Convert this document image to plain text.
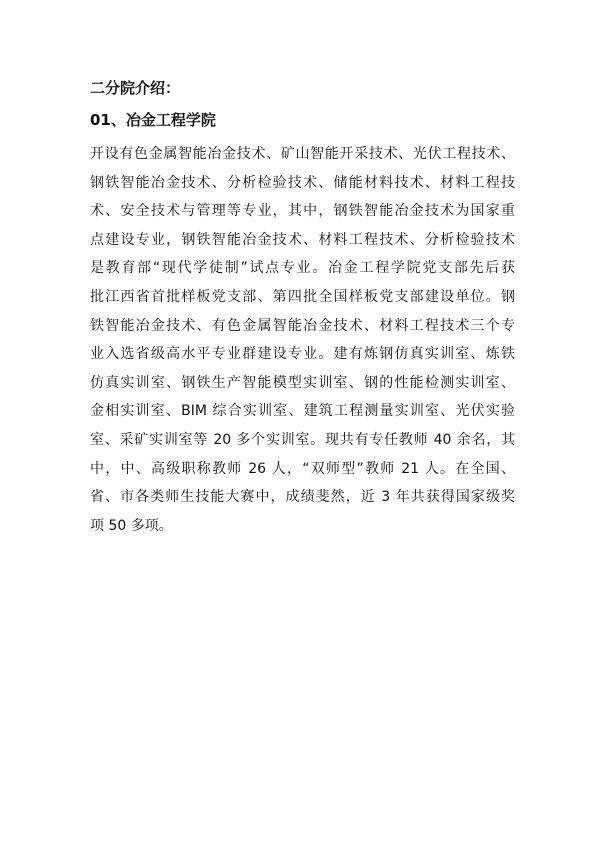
二分院介绍：
01、冶金工程学院
开设有色金属智能冶金技术、矿山智能开采技术、光伏工程技术、
钢铁智能冶金技术、分析检验技术、储能材料技术、材料工程技
术、安全技术与管理等专业，其中，钢铁智能冶金技术为国家重
点建设专业，钢铁智能冶金技术、材料工程技术、分析检验技术
是教育部“现代学徒制”试点专业。冶金工程学院党支部先后获
批江西省首批样板党支部、第四批全国样板党支部建设单位。钢
铁智能冶金技术、有色金属智能冶金技术、材料工程技术三个专
业入选省级高水平专业群建设专业。建有炼钢仿真实训室、炼铁
仿真实训室、钢铁生产智能模型实训室、钢的性能检测实训室、
金相实训室、BIM 综合实训室、建筑工程测量实训室、光伏实验
室、采矿实训室等 20 多个实训室。现共有专任教师 40 余名，其
中，中、高级职称教师 26 人，“双师型”教师 21 人。在全国、
省、市各类师生技能大赛中，成绩斐然，近 3 年共获得国家级奖
项 50 多项。
